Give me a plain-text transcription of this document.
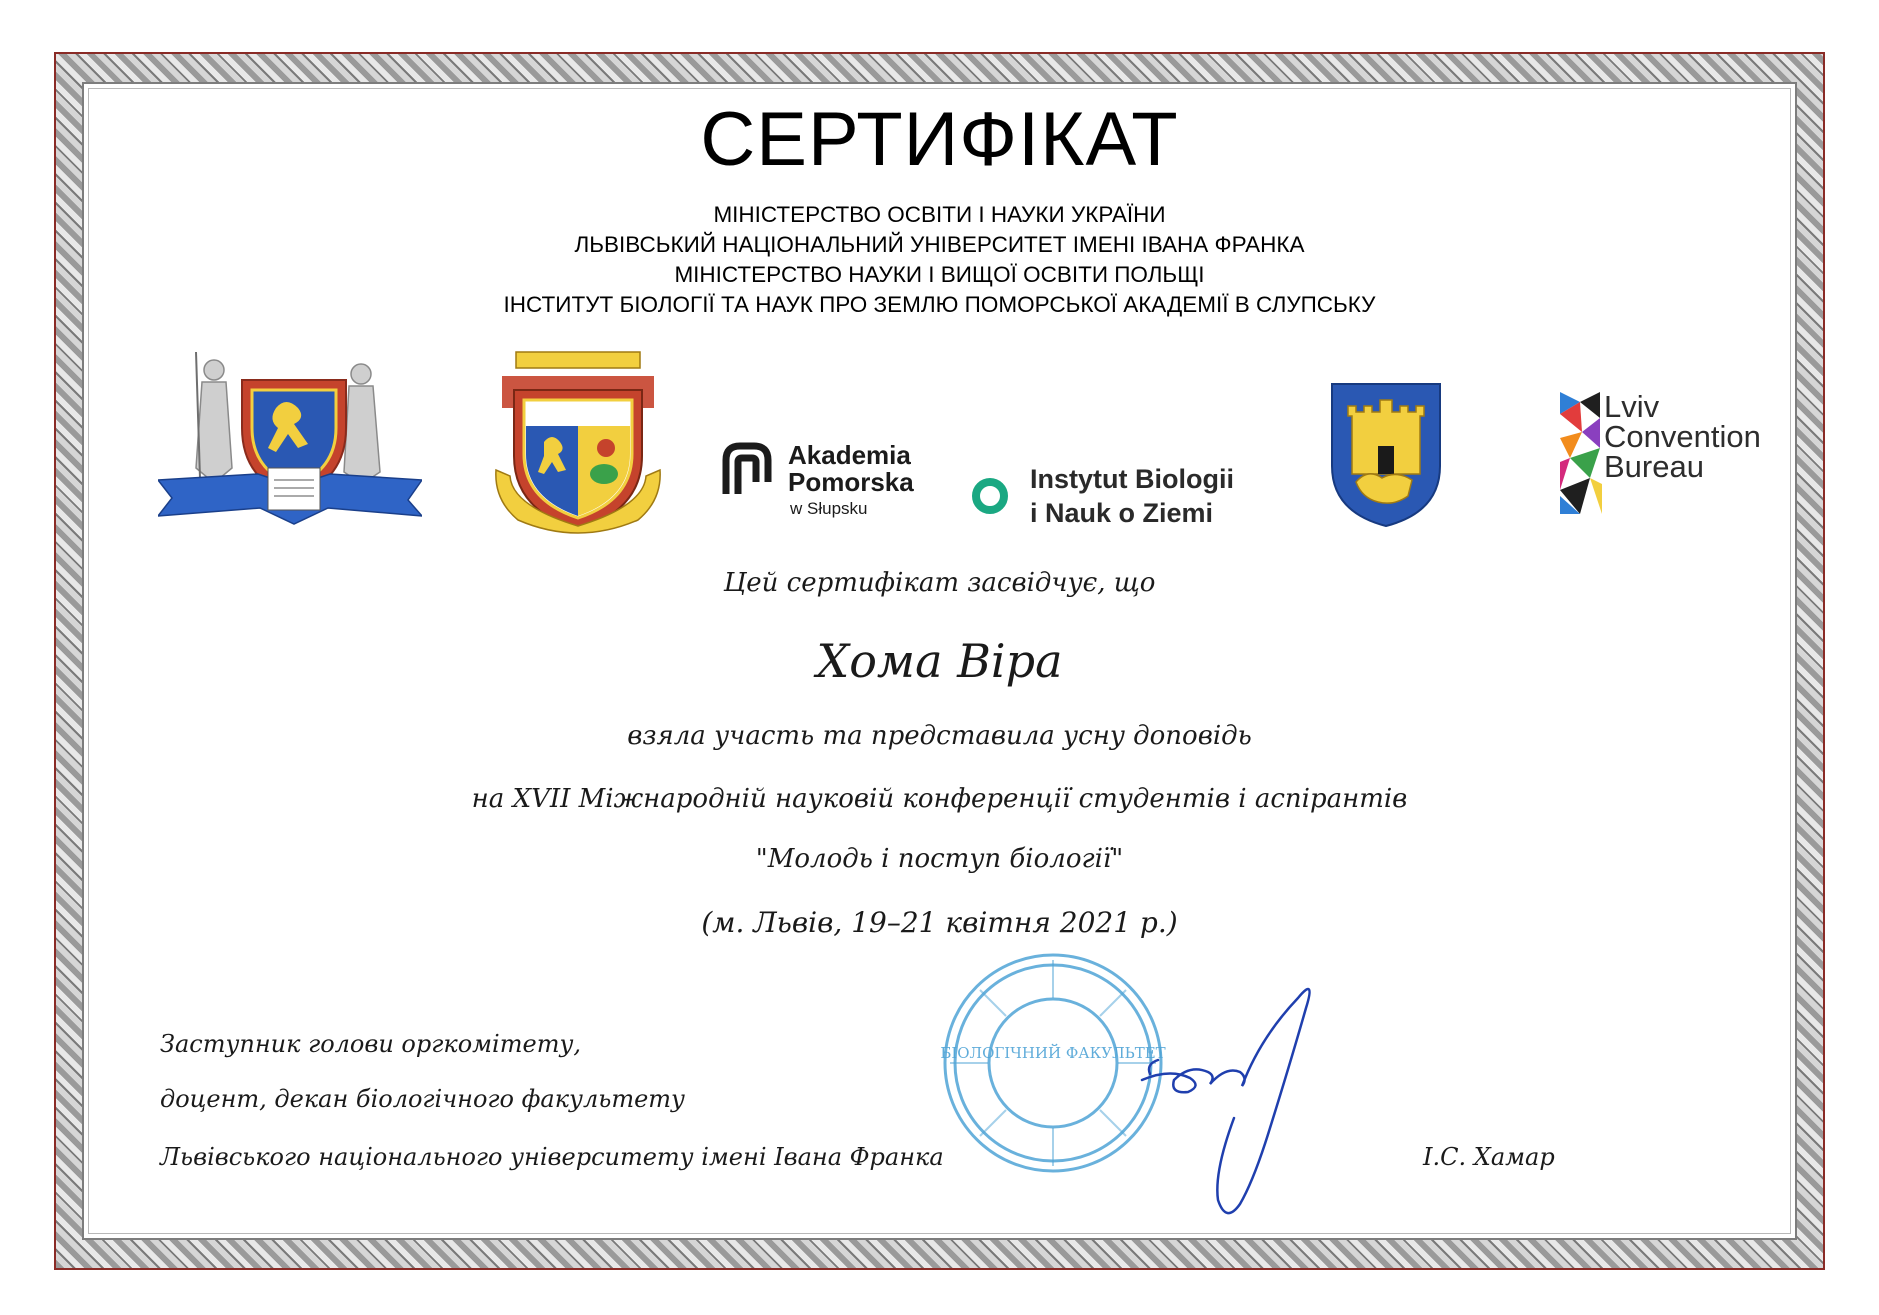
СЕРТИФІКАТ
МІНІСТЕРСТВО ОСВІТИ І НАУКИ УКРАЇНИ
ЛЬВІВСЬКИЙ НАЦІОНАЛЬНИЙ УНІВЕРСИТЕТ ІМЕНІ ІВАНА ФРАНКА
МІНІСТЕРСТВО НАУКИ І ВИЩОЇ ОСВІТИ ПОЛЬЩІ
ІНСТИТУТ БІОЛОГІЇ ТА НАУК ПРО ЗЕМЛЮ ПОМОРСЬКОЇ АКАДЕМІЇ В СЛУПСЬКУ
Akademia
Pomorska
w Słupsku
Instytut Biologii
i Nauk o Ziemi
Lviv
Convention
Bureau
Цей сертифікат засвідчує, що
Хома Віра
взяла участь та представила усну доповідь
на XVII Міжнародній науковій конференції студентів і аспірантів
"Молодь і поступ біології"
(м. Львів, 19–21 квітня 2021 р.)
Заступник голови оргкомітету,
доцент, декан біологічного факультету
Львівського національного університету імені Івана Франка	І.С. Хамар
БІОЛОГІЧНИЙ ФАКУЛЬТЕТ
